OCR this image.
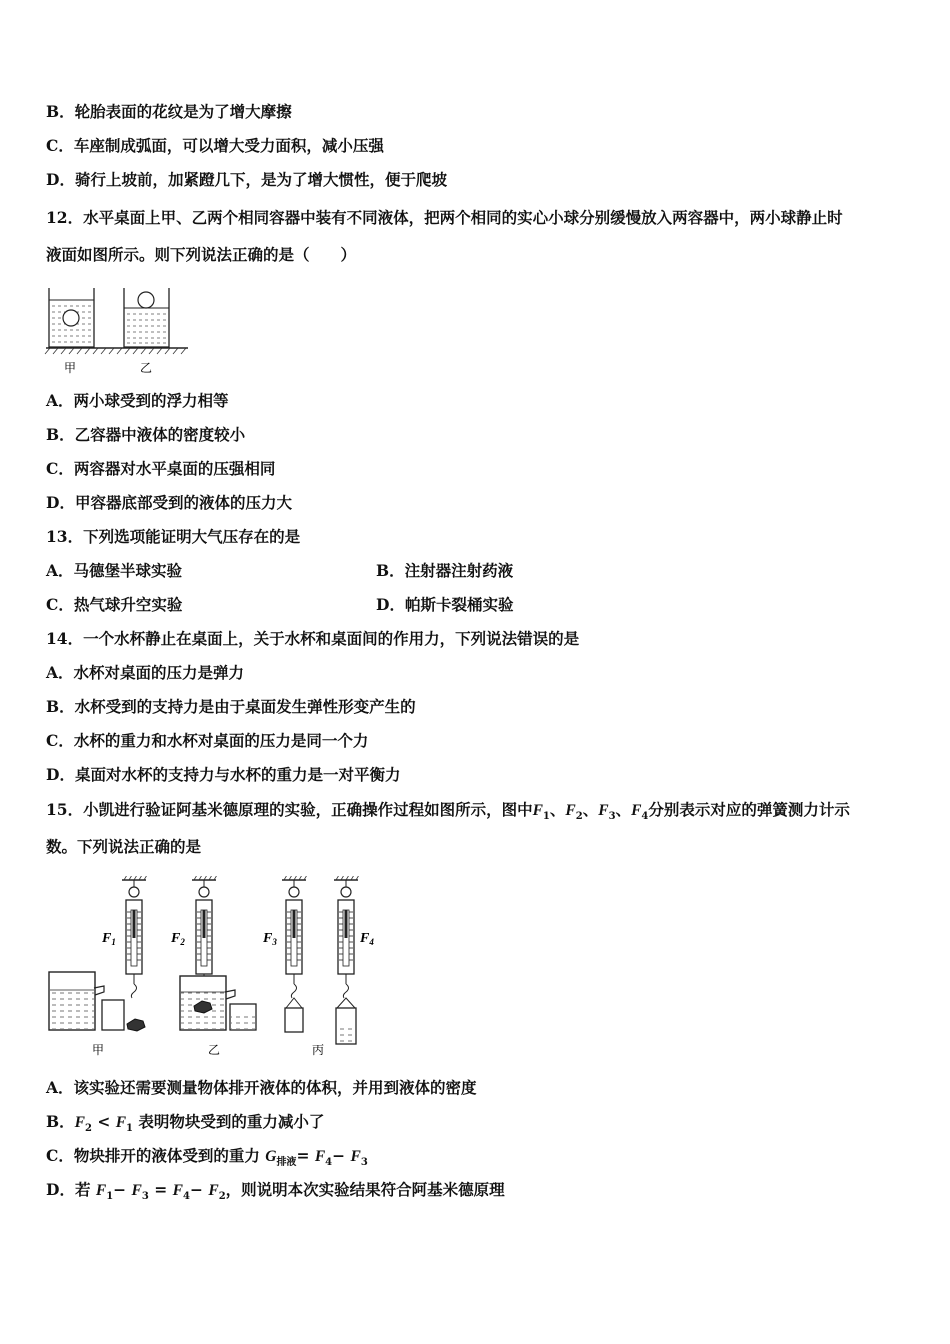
B．轮胎表面的花纹是为了增大摩擦
C．车座制成弧面，可以增大受力面积，减小压强
D．骑行上坡前，加紧蹬几下，是为了增大惯性，便于爬坡
12．水平桌面上甲、乙两个相同容器中装有不同液体，把两个相同的实心小球分别缓慢放入两容器中，两小球静止时
液面如图所示。则下列说法正确的是（　　）
甲	乙
A．两小球受到的浮力相等
B．乙容器中液体的密度较小
C．两容器对水平桌面的压强相同
D．甲容器底部受到的液体的压力大
13．下列选项能证明大气压存在的是
A．马德堡半球实验	B．注射器注射药液
C．热气球升空实验	D．帕斯卡裂桶实验
14．一个水杯静止在桌面上，关于水杯和桌面间的作用力，下列说法错误的是
A．水杯对桌面的压力是弹力
B．水杯受到的支持力是由于桌面发生弹性形变产生的
C．水杯的重力和水杯对桌面的压力是同一个力
D．桌面对水杯的支持力与水杯的重力是一对平衡力
15．小凯进行验证阿基米德原理的实验，正确操作过程如图所示，图中$F_1$、$F_2$、$F_3$、$F_4$分别表示对应的弹簧测力计示
数。下列说法正确的是
$F_1$	$F_2$	$F_3$	$F_4$
甲	乙	丙
A．该实验还需要测量物体排开液体的体积，并用到液体的密度
B．$F_2 < F_1$ 表明物块受到的重力减小了
C．物块排开的液体受到的重力 $G_{排液}= F_4- F_3$
D．若 $F_1- F_3 = F_4- F_2$，则说明本次实验结果符合阿基米德原理
